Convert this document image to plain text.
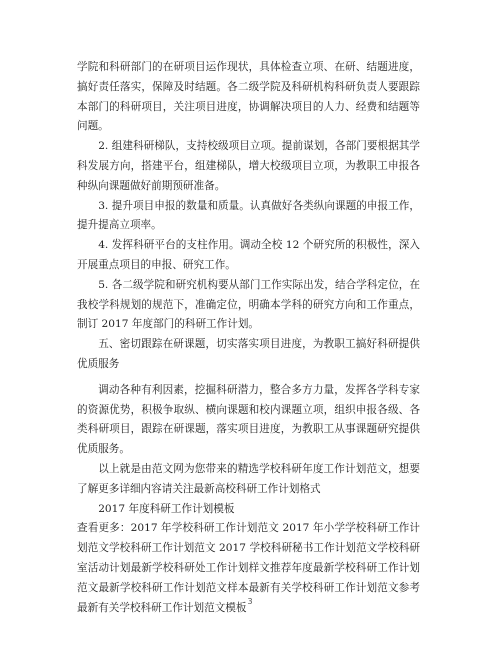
学院和科研部门的在研项目运作现状，具体检查立项、在研、结题进度，搞好责任落实，保障及时结题。各二级学院及科研机构科研负责人要跟踪本部门的科研项目，关注项目进度，协调解决项目的人力、经费和结题等问题。

2. 组建科研梯队，支持校级项目立项。提前谋划，各部门要根据其学科发展方向，搭建平台，组建梯队，增大校级项目立项，为教职工申报各种纵向课题做好前期预研准备。

3. 提升项目申报的数量和质量。认真做好各类纵向课题的申报工作，提升提高立项率。

4. 发挥科研平台的支柱作用。调动全校 12 个研究所的积极性，深入开展重点项目的申报、研究工作。

5. 各二级学院和研究机构要从部门工作实际出发，结合学科定位，在我校学科规划的规范下，准确定位，明确本学科的研究方向和工作重点，制订 2017 年度部门的科研工作计划。

五、密切跟踪在研课题，切实落实项目进度，为教职工搞好科研提供优质服务

调动各种有利因素，挖掘科研潜力，整合多方力量，发挥各学科专家的资源优势，积极争取纵、横向课题和校内课题立项，组织申报各级、各类科研项目，跟踪在研课题，落实项目进度，为教职工从事课题研究提供优质服务。

以上就是由范文网为您带来的精选学校科研年度工作计划范文，想要了解更多详细内容请关注最新高校科研工作计划格式

2017 年度科研工作计划模板

查看更多：2017 年学校科研工作计划范文 2017 年小学学校科研工作计划范文学校科研工作计划范文 2017 学校科研秘书工作计划范文学校科研室活动计划最新学校科研处工作计划样文推荐年度最新学校科研工作计划范文最新学校科研工作计划范文样本最新有关学校科研工作计划范文参考最新有关学校科研工作计划范文模板

3
